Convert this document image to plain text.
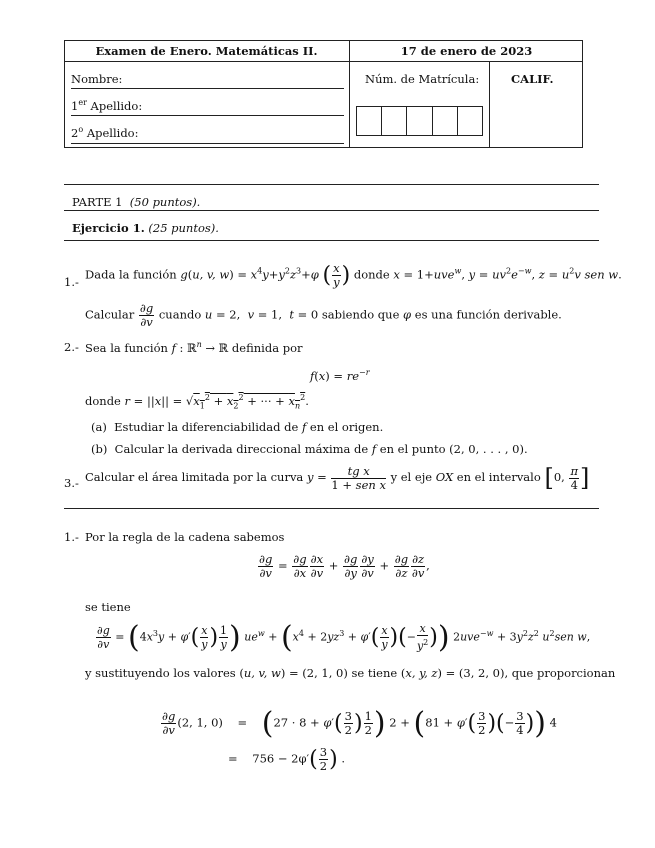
Examen de Enero. Matemáticas II.	17 de enero de 2023
Nombre:
1er Apellido:
2$^o$ Apellido:
Núm. de Matrícula:	CALIF.
PARTE 1 (50 puntos).
Ejercicio 1. (25 puntos).
1.-
Dada la función g(u, v, $w) = x^4y+y^2z^3+\varphi$ ( $\frac{x}{y}$ ) donde x = 1+uve$^w$, $y = uv^2e^{-w}$, $z = u^2v$ sen w.
Calcular $\frac{\partial g}{\partial v}$ cuando u = 2,  v = 1,  t = 0 sabiendo que φ es una función derivable.
2.- Sea la función f : ℝ$^n$ → ℝ definida por
$f(x) = re^{-r}$
donde $r = ||x|| = √x_1^2 + x_2^2$ + ··· + $x_n^2$.
(a) Estudiar la diferenciabilidad de f en el origen.
(b) Calcular la derivada direccional máxima de f en el punto (2, 0, . . . , 0).
3.- Calcular el área limitada por la curva $y = \frac{\text{tg x}}{\text{1 + sen x}}$ y el eje OX en el intervalo [0, $\frac{\pi}{4}$ ]
1.- Por la regla de la cadena sabemos
$\frac{\partial g}{\partial v} = \frac{\partial g}{\partial x} \frac{\partial x}{\partial v} + \frac{\partial g}{\partial y} \frac{\partial y}{\partial v} + \frac{\partial g}{\partial z} \frac{\partial z}{\partial v}$ ,
se tiene
$\frac{\partial g}{\partial v} = (4x^3y + \varphi'( \frac{x}{y}$ ) $\frac{1}{y}$ ) $ue^w + (x^4 + 2yz^3 + \varphi'( \frac{x}{y}$ )(− $\frac{x}{y^2}$ )) $2uve^{-w} + 3y^2z^2$ $u^2sen$ w,
y sustituyendo los valores (u, v, w) = (2, 1, 0) se tiene (x, y, z) = (3, 2, 0), que proporcionan
$\frac{\partial g}{\partial v} (2$, 1, 0)    =    ($27 \cdot 8 + \varphi'( \frac{3}{2}$ ) $\frac{1}{2}$ ) $2 + (81 + \varphi'( \frac{3}{2}$ )(− $\frac{3}{4}$ )) 4
=    $756 - 2\varphi'( \frac{3}{2}$ ) .
